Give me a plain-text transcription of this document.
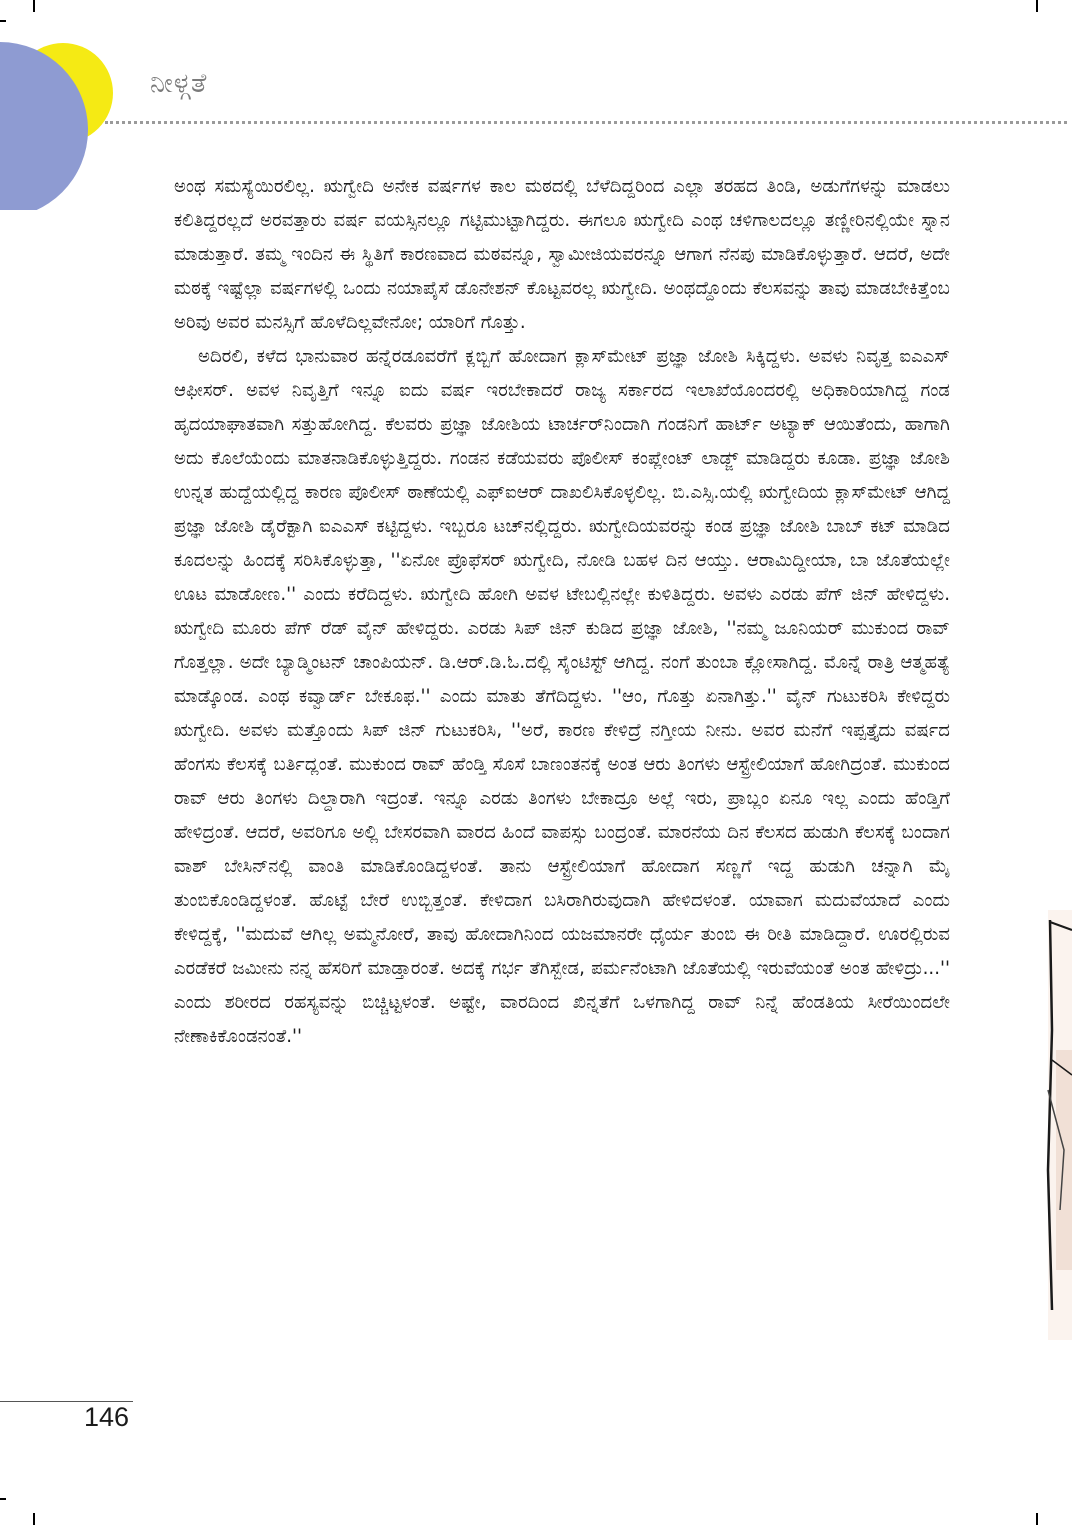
ನೀಳ್ಗತೆ

ಅಂಥ ಸಮಸ್ಯೆಯಿರಲಿಲ್ಲ. ಋಗ್ವೇದಿ ಅನೇಕ ವರ್ಷಗಳ ಕಾಲ ಮಠದಲ್ಲಿ ಬೆಳೆದಿದ್ದರಿಂದ ಎಲ್ಲಾ ತರಹದ ತಿಂಡಿ, ಅಡುಗೆಗಳನ್ನು ಮಾಡಲು ಕಲಿತಿದ್ದರಲ್ಲದೆ ಅರವತ್ತಾರು ವರ್ಷ ವಯಸ್ಸಿನಲ್ಲೂ ಗಟ್ಟಿಮುಟ್ಟಾಗಿದ್ದರು. ಈಗಲೂ ಋಗ್ವೇದಿ ಎಂಥ ಚಳಿಗಾಲದಲ್ಲೂ ತಣ್ಣೀರಿನಲ್ಲಿಯೇ ಸ್ನಾನ ಮಾಡುತ್ತಾರೆ. ತಮ್ಮ ಇಂದಿನ ಈ ಸ್ಥಿತಿಗೆ ಕಾರಣವಾದ ಮಠವನ್ನೂ, ಸ್ವಾಮೀಜಿಯವರನ್ನೂ ಆಗಾಗ ನೆನಪು ಮಾಡಿಕೊಳ್ಳುತ್ತಾರೆ. ಆದರೆ, ಅದೇ ಮಠಕ್ಕೆ ಇಷ್ಟೆಲ್ಲಾ ವರ್ಷಗಳಲ್ಲಿ ಒಂದು ನಯಾಪೈಸೆ ಡೊನೇಶನ್ ಕೊಟ್ಟವರಲ್ಲ ಋಗ್ವೇದಿ. ಅಂಥದ್ದೊಂದು ಕೆಲಸವನ್ನು ತಾವು ಮಾಡಬೇಕಿತ್ತೆಂಬ ಅರಿವು ಅವರ ಮನಸ್ಸಿಗೆ ಹೊಳೆದಿಲ್ಲವೇನೋ; ಯಾರಿಗೆ ಗೊತ್ತು.

ಅದಿರಲಿ, ಕಳೆದ ಭಾನುವಾರ ಹನ್ನೆರಡೂವರೆಗೆ ಕ್ಲಬ್ಬಿಗೆ ಹೋದಾಗ ಕ್ಲಾಸ್‌ಮೇಟ್ ಪ್ರಜ್ಞಾ ಜೋಶಿ ಸಿಕ್ಕಿದ್ದಳು. ಅವಳು ನಿವೃತ್ತ ಐಎಎಸ್ ಆಫೀಸರ್. ಅವಳ ನಿವೃತ್ತಿಗೆ ಇನ್ನೂ ಐದು ವರ್ಷ ಇರಬೇಕಾದರೆ ರಾಜ್ಯ ಸರ್ಕಾರದ ಇಲಾಖೆಯೊಂದರಲ್ಲಿ ಅಧಿಕಾರಿಯಾಗಿದ್ದ ಗಂಡ ಹೃದಯಾಘಾತವಾಗಿ ಸತ್ತುಹೋಗಿದ್ದ. ಕೆಲವರು ಪ್ರಜ್ಞಾ ಜೋಶಿಯ ಟಾರ್ಚರ್‌ನಿಂದಾಗಿ ಗಂಡನಿಗೆ ಹಾರ್ಟ್ ಅಟ್ಯಾಕ್ ಆಯಿತೆಂದು, ಹಾಗಾಗಿ ಅದು ಕೊಲೆಯೆಂದು ಮಾತನಾಡಿಕೊಳ್ಳುತ್ತಿದ್ದರು. ಗಂಡನ ಕಡೆಯವರು ಪೊಲೀಸ್ ಕಂಪ್ಲೇಂಟ್ ಲಾಡ್ಜ್ ಮಾಡಿದ್ದರು ಕೂಡಾ. ಪ್ರಜ್ಞಾ ಜೋಶಿ ಉನ್ನತ ಹುದ್ದೆಯಲ್ಲಿದ್ದ ಕಾರಣ ಪೊಲೀಸ್ ಠಾಣೆಯಲ್ಲಿ ಎಫ್‌ಐಆರ್ ದಾಖಲಿಸಿಕೊಳ್ಳಲಿಲ್ಲ. ಬಿ.ಎಸ್ಸಿ.ಯಲ್ಲಿ ಋಗ್ವೇದಿಯ ಕ್ಲಾಸ್‌ಮೇಟ್ ಆಗಿದ್ದ ಪ್ರಜ್ಞಾ ಜೋಶಿ ಡೈರೆಕ್ಟಾಗಿ ಐಎಎಸ್ ಕಟ್ಟಿದ್ದಳು. ಇಬ್ಬರೂ ಟಚ್‌ನಲ್ಲಿದ್ದರು. ಋಗ್ವೇದಿಯವರನ್ನು ಕಂಡ ಪ್ರಜ್ಞಾ ಜೋಶಿ ಬಾಬ್ ಕಟ್ ಮಾಡಿದ ಕೂದಲನ್ನು ಹಿಂದಕ್ಕೆ ಸರಿಸಿಕೊಳ್ಳುತ್ತಾ, ''ಏನೋ ಪ್ರೊಫೆಸರ್ ಋಗ್ವೇದಿ, ನೋಡಿ ಬಹಳ ದಿನ ಆಯ್ತು. ಆರಾಮಿದ್ದೀಯಾ, ಬಾ ಜೊತೆಯಲ್ಲೇ ಊಟ ಮಾಡೋಣ.'' ಎಂದು ಕರೆದಿದ್ದಳು. ಋಗ್ವೇದಿ ಹೋಗಿ ಅವಳ ಟೇಬಲ್ಲಿನಲ್ಲೇ ಕುಳಿತಿದ್ದರು. ಅವಳು ಎರಡು ಪೆಗ್ ಜಿನ್ ಹೇಳಿದ್ದಳು. ಋಗ್ವೇದಿ ಮೂರು ಪೆಗ್ ರೆಡ್ ವೈನ್ ಹೇಳಿದ್ದರು. ಎರಡು ಸಿಪ್ ಜಿನ್ ಕುಡಿದ ಪ್ರಜ್ಞಾ ಜೋಶಿ, ''ನಮ್ಮ ಜೂನಿಯರ್ ಮುಕುಂದ ರಾವ್ ಗೊತ್ತಲ್ಲಾ. ಅದೇ ಬ್ಯಾಡ್ಮಿಂಟನ್ ಚಾಂಪಿಯನ್. ಡಿ.ಆರ್.ಡಿ.ಓ.ದಲ್ಲಿ ಸೈಂಟಿಸ್ಟ್ ಆಗಿದ್ದ. ನಂಗೆ ತುಂಬಾ ಕ್ಲೋಸಾಗಿದ್ದ. ಮೊನ್ನೆ ರಾತ್ರಿ ಆತ್ಮಹತ್ಯೆ ಮಾಡ್ಕೊಂಡ. ಎಂಥ ಕವ್ವಾರ್ಡ್ ಬೇಕೂಫ.'' ಎಂದು ಮಾತು ತೆಗೆದಿದ್ದಳು. ''ಆಂ, ಗೊತ್ತು ಏನಾಗಿತ್ತು.'' ವೈನ್ ಗುಟುಕರಿಸಿ ಕೇಳಿದ್ದರು ಋಗ್ವೇದಿ. ಅವಳು ಮತ್ತೊಂದು ಸಿಪ್ ಜಿನ್ ಗುಟುಕರಿಸಿ, ''ಅರೆ, ಕಾರಣ ಕೇಳಿದ್ರೆ ನಗ್ತೀಯ ನೀನು. ಅವರ ಮನೆಗೆ ಇಪ್ಪತ್ತೈದು ವರ್ಷದ ಹೆಂಗಸು ಕೆಲಸಕ್ಕೆ ಬರ್ತಿದ್ಲಂತೆ. ಮುಕುಂದ ರಾವ್ ಹೆಂಡ್ತಿ ಸೊಸೆ ಬಾಣಂತನಕ್ಕೆ ಅಂತ ಆರು ತಿಂಗಳು ಆಸ್ಟ್ರೇಲಿಯಾಗೆ ಹೋಗಿದ್ರಂತೆ. ಮುಕುಂದ ರಾವ್ ಆರು ತಿಂಗಳು ದಿಲ್ದಾರಾಗಿ ಇದ್ರಂತೆ. ಇನ್ನೂ ಎರಡು ತಿಂಗಳು ಬೇಕಾದ್ರೂ ಅಲ್ಲೆ ಇರು, ಪ್ರಾಬ್ಲಂ ಏನೂ ಇಲ್ಲ ಎಂದು ಹೆಂಡ್ತಿಗೆ ಹೇಳಿದ್ರಂತೆ. ಆದರೆ, ಅವರಿಗೂ ಅಲ್ಲಿ ಬೇಸರವಾಗಿ ವಾರದ ಹಿಂದೆ ವಾಪಸ್ಸು ಬಂದ್ರಂತೆ. ಮಾರನೆಯ ದಿನ ಕೆಲಸದ ಹುಡುಗಿ ಕೆಲಸಕ್ಕೆ ಬಂದಾಗ ವಾಶ್ ಬೇಸಿನ್‌ನಲ್ಲಿ ವಾಂತಿ ಮಾಡಿಕೊಂಡಿದ್ದಳಂತೆ. ತಾನು ಆಸ್ಟ್ರೇಲಿಯಾಗೆ ಹೋದಾಗ ಸಣ್ಣಗೆ ಇದ್ದ ಹುಡುಗಿ ಚನ್ನಾಗಿ ಮೈ ತುಂಬಿಕೊಂಡಿದ್ದಳಂತೆ. ಹೊಟ್ಟೆ ಬೇರೆ ಉಬ್ಬಿತ್ತಂತೆ. ಕೇಳಿದಾಗ ಬಸಿರಾಗಿರುವುದಾಗಿ ಹೇಳಿದಳಂತೆ. ಯಾವಾಗ ಮದುವೆಯಾದೆ ಎಂದು ಕೇಳಿದ್ದಕ್ಕೆ, ''ಮದುವೆ ಆಗಿಲ್ಲ ಅಮ್ಮನೋರೆ, ತಾವು ಹೋದಾಗಿನಿಂದ ಯಜಮಾನರೇ ಧೈರ್ಯ ತುಂಬಿ ಈ ರೀತಿ ಮಾಡಿದ್ದಾರೆ. ಊರಲ್ಲಿರುವ ಎರಡೆಕರೆ ಜಮೀನು ನನ್ನ ಹೆಸರಿಗೆ ಮಾಡ್ತಾರಂತೆ. ಅದಕ್ಕೆ ಗರ್ಭ ತೆಗಿಸ್ಬೇಡ, ಪರ್ಮನೆಂಟಾಗಿ ಜೊತೆಯಲ್ಲಿ ಇರುವೆಯಂತೆ ಅಂತ ಹೇಳಿದ್ರು...'' ಎಂದು ಶರೀರದ ರಹಸ್ಯವನ್ನು ಬಿಚ್ಚಿಟ್ಟಳಂತೆ. ಅಷ್ಟೇ, ವಾರದಿಂದ ಖಿನ್ನತೆಗೆ ಒಳಗಾಗಿದ್ದ ರಾವ್ ನಿನ್ನೆ ಹೆಂಡತಿಯ ಸೀರೆಯಿಂದಲೇ ನೇಣಾಕಿಕೊಂಡನಂತೆ.''

146
